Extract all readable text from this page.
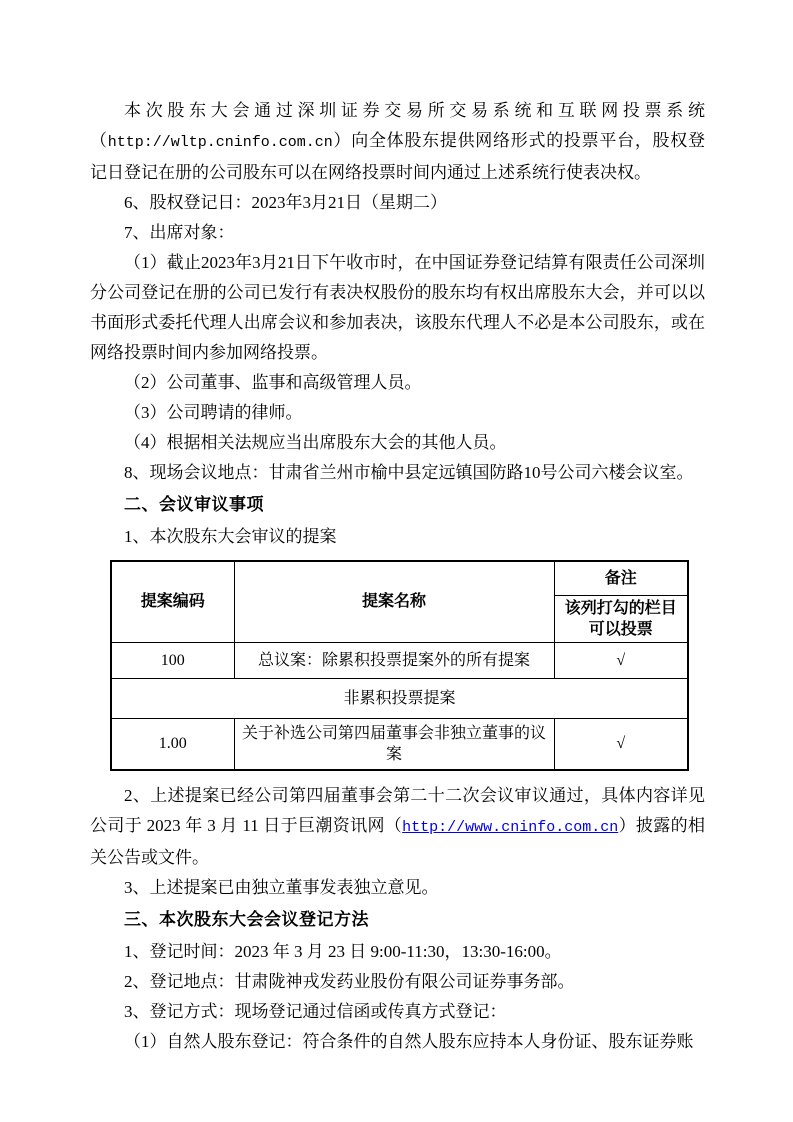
本次股东大会通过深圳证券交易所交易系统和互联网投票系统（http://wltp.cninfo.com.cn）向全体股东提供网络形式的投票平台，股权登记日登记在册的公司股东可以在网络投票时间内通过上述系统行使表决权。

6、股权登记日：2023年3月21日（星期二）

7、出席对象：

（1）截止2023年3月21日下午收市时，在中国证券登记结算有限责任公司深圳分公司登记在册的公司已发行有表决权股份的股东均有权出席股东大会，并可以以书面形式委托代理人出席会议和参加表决，该股东代理人不必是本公司股东，或在网络投票时间内参加网络投票。

（2）公司董事、监事和高级管理人员。

（3）公司聘请的律师。

（4）根据相关法规应当出席股东大会的其他人员。

8、现场会议地点：甘肃省兰州市榆中县定远镇国防路10号公司六楼会议室。

二、会议审议事项

1、本次股东大会审议的提案

提案编码	提案名称	备注
		该列打勾的栏目可以投票
100	总议案：除累积投票提案外的所有提案	√
非累积投票提案		
1.00	关于补选公司第四届董事会非独立董事的议案	√

2、上述提案已经公司第四届董事会第二十二次会议审议通过，具体内容详见公司于 2023 年 3 月 11 日于巨潮资讯网（http://www.cninfo.com.cn）披露的相关公告或文件。

3、上述提案已由独立董事发表独立意见。

三、本次股东大会会议登记方法

1、登记时间：2023 年 3 月 23 日 9:00-11:30，13:30-16:00。

2、登记地点：甘肃陇神戎发药业股份有限公司证券事务部。

3、登记方式：现场登记通过信函或传真方式登记：

（1）自然人股东登记：符合条件的自然人股东应持本人身份证、股东证券账
